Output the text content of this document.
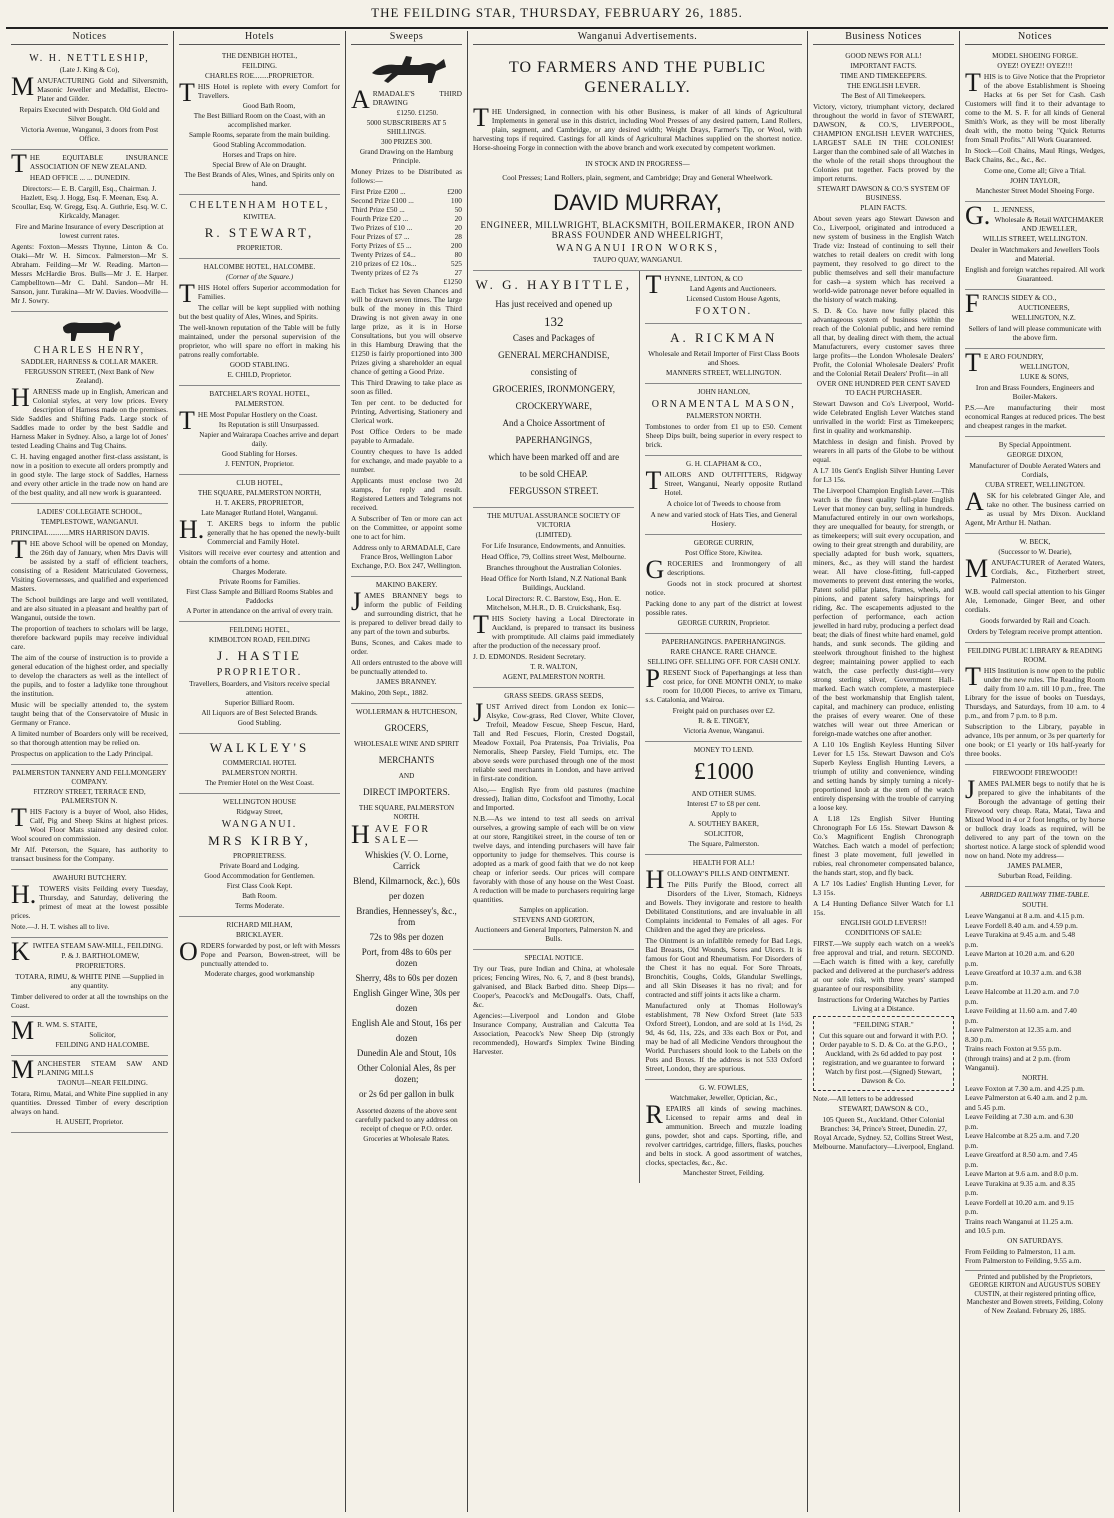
THE FEILDING STAR, THURSDAY, FEBRUARY 26, 1885.
Notices
W. H. NETTLESHIP,
(Late J. King & Co),

MANUFACTURING Gold and Silversmith, Masonic Jeweller and Medallist, Electro-Plater and Gilder.

Repairs Executed with Despatch. Old Gold and Silver Bought.

Victoria Avenue, Wanganui, 3 doors from Post Office.

THE EQUITABLE INSURANCE ASSOCIATION OF NEW ZEALAND.

HEAD OFFICE ... ... DUNEDIN.

Directors:— E. B. Cargill, Esq., Chairman. J. Hazlett, Esq. J. Hogg, Esq. F. Meenan, Esq. A. Scoullar, Esq. W. Gregg, Esq. A. Guthrie, Esq. W. C. Kirkcaldy, Manager.

Fire and Marine Insurance of every Description at lowest current rates.

Agents: Foxton—Messrs Thynne, Linton & Co. Otaki—Mr W. H. Simcox. Palmerston—Mr S. Abraham. Feilding—Mr W. Reading. Marton—Messrs McHardie Bros. Bulls—Mr J. E. Harper. Campbelltown—Mr C. Dahl. Sandon—Mr H. Sanson, junr. Turakina—Mr W. Davies. Woodville—Mr J. Sowry.

CHARLES HENRY,
SADDLER, HARNESS & COLLAR MAKER.
FERGUSSON STREET, (Next Bank of New Zealand).

HARNESS made up in English, American and Colonial styles, at very low prices. Every description of Harness made on the premises. Side Saddles and Shifting Pads. Large stock of Saddles made to order by the best Saddle and Harness Maker in Sydney. Also, a large lot of Jones' tested Leading Chains and Tug Chains.

C. H. having engaged another first-class assistant, is now in a position to execute all orders promptly and in good style. The large stock of Saddles, Harness and every other article in the trade now on hand are of the best quality, and all new work is guaranteed.

LADIES' COLLEGIATE SCHOOL,
TEMPLESTOWE, WANGANUI.

PRINCIPAL...........MRS HARRISON DAVIS.

THE above School will be opened on Monday, the 26th day of January, when Mrs Davis will be assisted by a staff of efficient teachers, consisting of a Resident Matriculated Governess, Visiting Governesses, and qualified and experienced Masters.

The School buildings are large and well ventilated, and are also situated in a pleasant and healthy part of Wanganui, outside the town.

The proportion of teachers to scholars will be large, therefore backward pupils may receive individual care.

The aim of the course of instruction is to provide a general education of the highest order, and specially to develop the characters as well as the intellect of the pupils, and to foster a ladylike tone throughout the institution.

Music will be specially attended to, the system taught being that of the Conservatoire of Music in Germany or France.

A limited number of Boarders only will be received, so that thorough attention may be relied on.

Prospectus on application to the Lady Principal.

PALMERSTON TANNERY AND FELLMONGERY COMPANY.
FITZROY STREET, TERRACE END, PALMERSTON N.

THIS Factory is a buyer of Wool, also Hides, Calf, Pig and Sheep Skins at highest prices. Wool Floor Mats stained any desired color. Wool scoured on commission.

Mr Alf. Peterson, the Square, has authority to transact business for the Company.

AWAHURI BUTCHERY.

H.TOWERS visits Feilding every Tuesday, Thursday, and Saturday, delivering the primest of meat at the lowest possible prices.

Note.—J. H. T. wishes all to live.

KIWITEA STEAM SAW-MILL, FEILDING.

P. & J. BARTHOLOMEW,
PROPRIETORS.

TOTARA, RIMU, & WHITE PINE —Supplied in any quantity.

Timber delivered to order at all the townships on the Coast.

MR. WM. S. STAITE,

Solicitor,
FEILDING AND HALCOMBE.

MANCHESTER STEAM SAW AND PLANING MILLS

TAONUI—NEAR FEILDING.

Totara, Rimu, Matai, and White Pine supplied in any quantities. Dressed Timber of every description always on hand.

H. AUSEIT, Proprietor.
Hotels
THE DENBIGH HOTEL,
FEILDING.
CHARLES ROE........PROPRIETOR.

THIS Hotel is replete with every Comfort for Travellers.

Good Bath Room,
The Best Billiard Room on the Coast, with an accomplished marker.
Sample Rooms, separate from the main building.
Good Stabling Accommodation.
Horses and Traps on hire.
Special Brew of Ale on Draught.
The Best Brands of Ales, Wines, and Spirits only on hand.
CHELTENHAM HOTEL,
KIWITEA.
R. STEWART,
PROPRIETOR.
HALCOMBE HOTEL, HALCOMBE.
(Corner of the Square.)

THIS Hotel offers Superior accommodation for Families.

The cellar will be kept supplied with nothing but the best quality of Ales, Wines, and Spirits.

The well-known reputation of the Table will be fully maintained, under the personal supervision of the proprietor, who will spare no effort in making his patrons really comfortable.

GOOD STABLING.
E. CHILD, Proprietor.
BATCHELAR'S ROYAL HOTEL,
PALMERSTON.

THE Most Popular Hostlery on the Coast.

Its Reputation is still Unsurpassed.
Napier and Wairarapa Coaches arrive and depart daily.
Good Stabling for Horses.
J. FENTON, Proprietor.
CLUB HOTEL,
THE SQUARE, PALMERSTON NORTH,
H. T. AKERS, PROPRIETOR,
Late Manager Rutland Hotel, Wanganui.

H.T. AKERS begs to inform the public generally that he has opened the newly-built Commercial and Family Hotel.

Visitors will receive ever courtesy and attention and obtain the comforts of a home.

Charges Moderate.
Private Rooms for Families.
First Class Sample and Billiard Rooms Stables and Paddocks
A Porter in attendance on the arrival of every train.
FEILDING HOTEL,
KIMBOLTON ROAD, FEILDING
J. HASTIE
PROPRIETOR.
Travellers, Boarders, and Visitors receive special attention.
Superior Billiard Room.
All Liquors are of Best Selected Brands.
Good Stabling.
WALKLEY'S
COMMERCIAL HOTEL
PALMERSTON NORTH.
The Premier Hotel on the West Coast.
WELLINGTON HOUSE
Ridgway Street,
WANGANUI.
MRS KIRBY,
PROPRIETRESS.
Private Board and Lodging.
Good Accommodation for Gentlemen.
First Class Cook Kept.
Bath Room.
Terms Moderate.
RICHARD MILHAM,
BRICKLAYER.

ORDERS forwarded by post, or left with Messrs Pope and Pearson, Bowen-street, will be punctually attended to.

Moderate charges, good workmanship
Sweeps

ARMADALE'S THIRD DRAWING

£1250. £1250.
5000 SUBSCRIBERS AT 5 SHILLINGS.
300 PRIZES 300.
Grand Drawing on the Hamburg Principle.

Money Prizes to be Distributed as follows:—

First Prize £200 ...	£200
Second Prize £100 ...	100
Third Prize £50 ...	50
Fourth Prize £20 ...	20
Two Prizes of £10 ...	20
Four Prizes of £7 ...	28
Forty Prizes of £5 ...	200
Twenty Prizes of £4...	80
210 prizes of £2 10s...	525
Twenty prizes of £2 7s	27
£1250

Each Ticket has Seven Chances and will be drawn seven times. The large bulk of the money in this Third Drawing is not given away in one large prize, as it is in Horse Consultations, but you will observe in this Hamburg Drawing that the £1250 is fairly proportioned into 300 Prizes giving a shareholder an equal chance of getting a Good Prize.

This Third Drawing to take place as soon as filled.

Ten per cent. to be deducted for Printing, Advertising, Stationery and Clerical work.

Post Office Orders to be made payable to Armadale.

Country cheques to have 1s added for exchange, and made payable to a number.

Applicants must enclose two 2d stamps, for reply and result. Registered Letters and Telegrams not received.

A Subscriber of Ten or more can act on the Committee, or appoint some one to act for him.

Address only to ARMADALE, Care France Bros, Wellington Labor Exchange, P.O. Box 247, Wellington.

MAKINO BAKERY.

JAMES BRANNEY begs to inform the public of Feilding and surrounding district, that he is prepared to deliver bread daily to any part of the town and suburbs.

Buns, Scones, and Cakes made to order.

All orders entrusted to the above will be punctually attended to.

JAMES BRANNEY.

Makino, 20th Sept., 1882.

WOLLERMAN & HUTCHESON,
GROCERS,
WHOLESALE WINE AND SPIRIT
MERCHANTS
AND
DIRECT IMPORTERS.
THE SQUARE, PALMERSTON NORTH.
HAVE FOR SALE—
Whiskies (V. O. Lorne, Carrick
Blend, Kilmarnock, &c.), 60s
per dozen
Brandies, Hennessey's, &c., from
72s to 98s per dozen
Port, from 48s to 60s per dozen
Sherry, 48s to 60s per dozen
English Ginger Wine, 30s per
dozen
English Ale and Stout, 16s per
dozen
Dunedin Ale and Stout, 10s
Other Colonial Ales, 8s per dozen;
or 2s 6d per gallon in bulk

Assorted dozens of the above sent carefully packed to any address on receipt of cheque or P.O. order.

Groceries at Wholesale Rates.
Wanganui Advertisements.
TO FARMERS AND THE PUBLIC
GENERALLY.

THE Undersigned, in connection with his other Business, is maker of all kinds of Agricultural Implements in general use in this district, including Wool Presses of any desired pattern, Land Rollers, plain, segment, and Cambridge, or any desired width; Weight Drays, Farmer's Tip, or Wool, with harvesting tops if required. Castings for all kinds of Agricultural Machines supplied on the shortest notice. Horse-shoeing Forge in connection with the above branch and work executed by competent workmen.

IN STOCK AND IN PROGRESS—

Cool Presses; Land Rollers, plain, segment, and Cambridge; Dray and General Wheelwork.

DAVID MURRAY,
ENGINEER, MILLWRIGHT, BLACKSMITH, BOILERMAKER, IRON AND BRASS FOUNDER AND WHEELRIGHT,
WANGANUI IRON WORKS,
TAUPO QUAY, WANGANUI.
W. G. HAYBITTLE,
Has just received and opened up
132
Cases and Packages of
GENERAL MERCHANDISE,
consisting of
GROCERIES, IRONMONGERY,
CROCKERYWARE,
And a Choice Assortment of
PAPERHANGINGS,
which have been marked off and are
to be sold CHEAP.
FERGUSSON STREET.
THE MUTUAL ASSURANCE SOCIETY OF VICTORIA
(LIMITED).

For Life Insurance, Endowments, and Annuities.

Head Office, 79, Collins street West, Melbourne.

Branches throughout the Australian Colonies.

Head Office for North Island, N.Z National Bank Buildings, Auckland.

Local Directors: R. C. Barstow, Esq., Hon. E. Mitchelson, M.H.R., D. B. Cruickshank, Esq.

THIS Society having a Local Directorate in Auckland, is prepared to transact its business with promptitude. All claims paid immediately after the production of the necessary proof.

J. D. EDMONDS. Resident Secretary.

T. R. WALTON,
AGENT, PALMERSTON NORTH.
GRASS SEEDS. GRASS SEEDS,

JUST Arrived direct from London ex Ionic— Alsyke, Cow-grass, Red Clover, White Clover, Trefoil, Meadow Fescue, Sheep Fescue, Hard, Tall and Red Fescues, Florin, Crested Dogstail, Meadow Foxtail, Poa Pratensis, Poa Trivialis, Poa Nemoralis, Sheep Parsley, Field Turnips, etc. The above seeds were purchased through one of the most reliable seed merchants in London, and have arrived in first-rate condition.

Also,— English Rye from old pastures (machine dressed), Italian ditto, Cocksfoot and Timothy, Local and Imported.

N.B.—As we intend to test all seeds on arrival ourselves, a growing sample of each will be on view at our store, Rangitikei street, in the course of ten or twelve days, and intending purchasers will have fair opportunity to judge for themselves. This course is adopted as a mark of good faith that we do not keep cheap or inferior seeds. Our prices will compare favorably with those of any house on the West Coast. A reduction will be made to purchasers requiring large quantities.

Samples on application.
STEVENS AND GORTON,
Auctioneers and General Importers, Palmerston N. and Bulls.
SPECIAL NOTICE.

Try our Teas, pure Indian and China, at wholesale prices; Fencing Wires, No. 6, 7, and 8 (best brands), galvanised, and Black Barbed ditto. Sheep Dips—Cooper's, Peacock's and McDougall's. Oats, Chaff, &c.

Agencies:—Liverpool and London and Globe Insurance Company, Australian and Calcutta Tea Association, Peacock's New Sheep Dip (strongly recommended), Howard's Simplex Twine Binding Harvester.

THYNNE, LINTON, & CO

Land Agents and Auctioneers.
Licensed Custom House Agents,
FOXTON.
A. RICKMAN

Wholesale and Retail Importer of First Class Boots and Shoes.

MANNERS STREET, WELLINGTON.
JOHN HANLON,
ORNAMENTAL MASON,
PALMERSTON NORTH.

Tombstones to order from £1 up to £50. Cement Sheep Dips built, being superior in every respect to brick.

G. H. CLAPHAM & CO.,

TAILORS AND OUTFITTERS, Ridgway Street, Wanganui, Nearly opposite Rutland Hotel.

A choice lot of Tweeds to choose from

A new and varied stock of Hats Ties, and General Hosiery.

GEORGE CURRIN,
Post Office Store, Kiwitea.

GROCERIES and Ironmongery of all descriptions.

Goods not in stock procured at shortest notice.

Packing done to any part of the district at lowest possible rates.

GEORGE CURRIN, Proprietor.
PAPERHANGINGS. PAPERHANGINGS.
RARE CHANCE. RARE CHANCE.
SELLING OFF. SELLING OFF. FOR CASH ONLY.

PRESENT Stock of Paperhangings at less than cost price, for ONE MONTH ONLY, to make room for 10,000 Pieces, to arrive ex Timaru, s.s. Catalonia, and Wairoa.

Freight paid on purchases over £2.

R. & E. TINGEY,
Victoria Avenue, Wanganui.
MONEY TO LEND.
£1000
AND OTHER SUMS.
Interest £7 to £8 per cent.
Apply to
A. SOUTHEY BAKER,
SOLICITOR,
The Square, Palmerston.
HEALTH FOR ALL!

HOLLOWAY'S PILLS AND OINTMENT.

The Pills Purify the Blood, correct all Disorders of the Liver, Stomach, Kidneys and Bowels. They invigorate and restore to health Debilitated Constitutions, and are invaluable in all Complaints incidental to Females of all ages. For Children and the aged they are priceless.

The Ointment is an infallible remedy for Bad Legs, Bad Breasts, Old Wounds, Sores and Ulcers. It is famous for Gout and Rheumatism. For Disorders of the Chest it has no equal. For Sore Throats, Bronchitis, Coughs, Colds, Glandular Swellings, and all Skin Diseases it has no rival; and for contracted and stiff joints it acts like a charm.

Manufactured only at Thomas Holloway's establishment, 78 New Oxford Street (late 533 Oxford Street), London, and are sold at 1s 1½d, 2s 9d, 4s 6d, 11s, 22s, and 33s each Box or Pot, and may be had of all Medicine Vendors throughout the World. Purchasers should look to the Labels on the Pots and Boxes. If the address is not 533 Oxford Street, London, they are spurious.

G. W. FOWLES,
Watchmaker, Jeweller, Optician, &c.,

REPAIRS all kinds of sewing machines. Licensed to repair arms and deal in ammunition. Breech and muzzle loading guns, powder, shot and caps. Sporting, rifle, and revolver cartridges, cartridge, fillers, flasks, pouches and belts in stock. A good assortment of watches, clocks, spectacles, &c., &c.

Manchester Street, Feilding.
Business Notices
GOOD NEWS FOR ALL!
IMPORTANT FACTS.
TIME AND TIMEKEEPERS.
THE ENGLISH LEVER.
The Best of All Timekeepers.

Victory, victory, triumphant victory, declared throughout the world in favor of STEWART, DAWSON, & CO.'S, LIVERPOOL, CHAMPION ENGLISH LEVER WATCHES, LARGEST SALE IN THE COLONIES! Larger than the combined sale of all Watches in the whole of the retail shops throughout the Colonies put together. Facts proved by the import returns.

STEWART DAWSON & CO.'S SYSTEM OF BUSINESS.
PLAIN FACTS.

About seven years ago Stewart Dawson and Co., Liverpool, originated and introduced a new system of business in the English Watch Trade viz: Instead of continuing to sell their watches to retail dealers on credit with long payment, they resolved to go direct to the public themselves and sell their manufacture for cash—a system which has received a world-wide patronage never before equalled in the history of watch making.

S. D. & Co. have now fully placed this advantageous system of business within the reach of the Colonial public, and here remind all that, by dealing direct with them, the actual Manufacturers, every customer saves three large profits—the London Wholesale Dealers' Profit, the Colonial Wholesale Dealers' Profit and the Colonial Retail Dealers' Profit—in all

OVER ONE HUNDRED PER CENT SAVED TO EACH PURCHASER.

Stewart Dawson and Co's Liverpool, World-wide Celebrated English Lever Watches stand unrivalled in the world: First as Timekeepers; first in quality and workmanship.

Matchless in design and finish. Proved by wearers in all parts of the Globe to be without equal.

A L7 10s Gent's English Silver Hunting Lever for L3 15s.

The Liverpool Champion English Lever.—This watch is the finest quality full-plate English Lever that money can buy, selling in hundreds. Manufactured entirely in our own workshops, they are unequalled for beauty, for strength, or as timekeepers; will suit every occupation, and owing to their great strength and durability, are specially adapted for bush work, squatters, miners, &c., as they will stand the hardest wear. All have close-fitting, full-capped movements to prevent dust entering the works, Patent solid pillar plates, frames, wheels, and pinions, and patent safety hairsprings for riding, &c. The escapements adjusted to the perfection of performance, each action jewelled in hard ruby, producing a perfect dead beat; the dials of finest white hard enamel, gold hands, and sunk seconds. The gilding and steelwork throughout finished to the highest degree; maintaining power applied to each watch, the case perfectly dust-tight—very strong sterling silver, Government Hall-marked. Each watch complete, a masterpiece of the best workmanship that English talent, capital, and machinery can produce, enlisting the praises of every wearer. One of these watches will wear out three American or foreign-made watches one after another.

A L10 10s English Keyless Hunting Silver Lever for L5 15s. Stewart Dawson and Co's Superb Keyless English Hunting Levers, a triumph of utility and convenience, winding and setting hands by simply turning a nicely-proportioned knob at the stem of the watch entirely dispensing with the trouble of carrying a loose key.

A L18 12s English Silver Hunting Chronograph For L6 15s. Stewart Dawson & Co.'s Magnificent English Chronograph Watches. Each watch a model of perfection; finest 3 plate movement, full jewelled in rubies, real chronometer compensated balance, the hands start, stop, and fly back.

A L7 10s Ladies' English Hunting Lever, for L3 15s.

A L4 Hunting Defiance Silver Watch for L1 15s.

ENGLISH GOLD LEVERS!!
CONDITIONS OF SALE:

FIRST.—We supply each watch on a week's free approval and trial, and return. SECOND.—Each watch is fitted with a key, carefully packed and delivered at the purchaser's address at our sole risk, with three years' stamped guarantee of our responsibility.

Instructions for Ordering Watches by Parties Living at a Distance.

"FEILDING STAR."

Cut this square out and forward it with P.O. Order payable to S. D. & Co. at the G.P.O., Auckland, with 2s 6d added to pay post registration, and we guarantee to forward Watch by first post.—(Signed) Stewart, Dawson & Co.

Note.—All letters to be addressed

STEWART, DAWSON & CO.,

105 Queen St., Auckland. Other Colonial Branches: 34, Prince's Street, Dunedin. 27, Royal Arcade, Sydney. 52, Collins Street West, Melbourne. Manufactory—Liverpool, England.

Notices
MODEL SHOEING FORGE.
OYEZ! OYEZ!! OYEZ!!!

THIS is to Give Notice that the Proprietor of the above Establishment is Shoeing Hacks at 6s per Set for Cash. Cash Customers will find it to their advantage to come to the M. S. F. for all kinds of General Smith's Work, as they will be most liberally dealt with, the motto being "Quick Returns from Small Profits." All Work Guaranteed.

In Stock—Coil Chains, Maul Rings, Wedges, Back Chains, &c., &c., &c.

Come one, Come all; Give a Trial.

JOHN TAYLOR,
Manchester Street Model Shoeing Forge.

G.L. JENNESS,

Wholesale & Retail WATCHMAKER AND JEWELLER,
WILLIS STREET, WELLINGTON.

Dealer in Watchmakers and Jewellers Tools and Material.

English and foreign watches repaired. All work Guaranteed.

FRANCIS SIDEY & CO.,

AUCTIONEERS,
WELLINGTON, N.Z.

Sellers of land will please communicate with the above firm.

TE ARO FOUNDRY,

WELLINGTON,
LUKE & SONS,

Iron and Brass Founders, Engineers and Boiler-Makers.

P.S.—Are manufacturing their most economical Ranges at reduced prices. The best and cheapest ranges in the market.

By Special Appointment.
GEORGE DIXON,

Manufacturer of Double Aerated Waters and Cordials,

CUBA STREET, WELLINGTON.

ASK for his celebrated Ginger Ale, and take no other. The business carried on as usual by Mrs Dixon. Auckland Agent, Mr Arthur H. Nathan.

W. BECK,
(Successor to W. Dearie),

MANUFACTURER of Aerated Waters, Cordials, &c., Fitzherbert street, Palmerston.

W.B. would call special attention to his Ginger Ale, Lemonade, Ginger Beer, and other cordials.

Goods forwarded by Rail and Coach.

Orders by Telegram receive prompt attention.

FEILDING PUBLIC LIBRARY & READING ROOM.

THIS Institution is now open to the public under the new rules. The Reading Room daily from 10 a.m. till 10 p.m., free. The Library for the issue of books on Tuesdays, Thursdays, and Saturdays, from 10 a.m. to 4 p.m., and from 7 p.m. to 8 p.m.

Subscription to the Library, payable in advance, 10s per annum, or 3s per quarterly for one book; or £1 yearly or 10s half-yearly for three books.

FIREWOOD! FIREWOOD!!

JAMES PALMER begs to notify that he is prepared to give the inhabitants of the Borough the advantage of getting their Firewood very cheap. Rata, Matai, Tawa and Mixed Wood in 4 or 2 foot lengths, or by horse or bullock dray loads as required, will be delivered to any part of the town on the shortest notice. A large stock of splendid wood now on hand. Note my address—

JAMES PALMER,
Suburban Road, Feilding.
ABRIDGED RAILWAY TIME-TABLE.
SOUTH.
Leave Wanganui at 8 a.m. and 4.15 p.m.
Leave Fordell 8.40 a.m. and 4.59 p.m.
Leave Turakina at 9.45 a.m. and 5.48
p.m.
Leave Marton at 10.20 a.m. and 6.20
p.m.
Leave Greatford at 10.37 a.m. and 6.38
p.m.
Leave Halcombe at 11.20 a.m. and 7.0
p.m.
Leave Feilding at 11.60 a.m. and 7.40
p.m.
Leave Palmerston at 12.35 a.m. and
8.30 p.m.
Trains reach Foxton at 9.55 p.m.
(through trains) and at 2 p.m. (from
Wanganui).
NORTH.
Leave Foxton at 7.30 a.m. and 4.25 p.m.
Leave Palmerston at 6.40 a.m. and 2 p.m.
and 5.45 p.m.
Leave Feilding at 7.30 a.m. and 6.30
p.m.
Leave Halcombe at 8.25 a.m. and 7.20
p.m.
Leave Greatford at 8.50 a.m. and 7.45
p.m.
Leave Marton at 9.6 a.m. and 8.0 p.m.
Leave Turakina at 9.35 a.m. and 8.35
p.m.
Leave Fordell at 10.20 a.m. and 9.15
p.m.
Trains reach Wanganui at 11.25 a.m.
and 10.5 p.m.
ON SATURDAYS.
From Feilding to Palmerston, 11 a.m.
From Palmerston to Feilding, 9.55 a.m.

Printed and published by the Proprietors, GEORGE KIRTON and AUGUSTUS SOBEY CUSTIN, at their registered printing office, Manchester and Bowen streets, Feilding, Colony of New Zealand. February 26, 1885.
